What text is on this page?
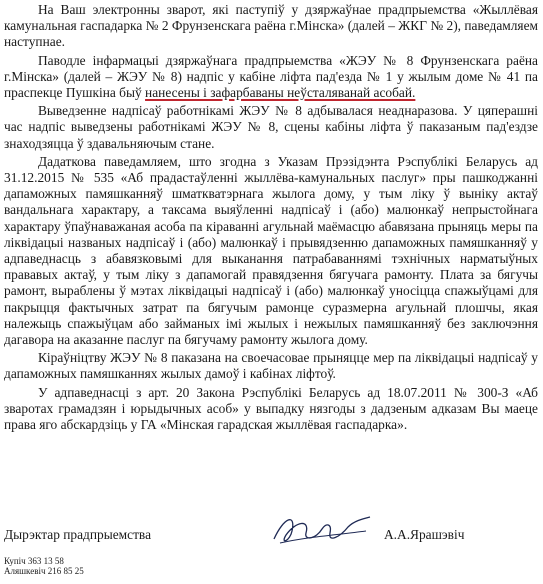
На Ваш электронны зварот, які паступіў у дзяржаўнае прадпрыемства «Жыллёвая камунальная гаспадарка № 2 Фрунзенскага раёна г.Мінска» (далей – ЖКГ № 2), паведамляем наступнае.

Паводле інфармацыі дзяржаўнага прадпрыемства «ЖЭУ № 8 Фрунзенскага раёна г.Мінска» (далей – ЖЭУ № 8) надпіс у кабіне ліфта пад'езда № 1 у жылым доме № 41 па праспекце Пушкіна быў нанесены і зафарбаваны неўсталяванай асобай.

Выведзенне надпісаў работнікамі ЖЭУ № 8 адбывалася неаднаразова. У цяперашні час надпіс выведзены работнікамі ЖЭУ № 8, сцены кабіны ліфта ў паказаным пад'ездзе знаходзяцца ў здавальняючым стане.

Дадаткова паведамляем, што згодна з Указам Прэзідэнта Рэспублікі Беларусь ад 31.12.2015 № 535 «Аб прадастаўленні жыллёва-камунальных паслуг» пры пашкоджанні дапаможных памяшканняў шматкватэрнага жылога дому, у тым ліку ў выніку актаў вандальнага характару, а таксама выяўленні надпісаў і (або) малюнкаў непрыстойнага характару ўпаўнаважаная асоба па кіраванні агульнай маёмасцю абавязана прыняць меры па ліквідацыі названых надпісаў і (або) малюнкаў і прывядзенню дапаможных памяшканняў у адпаведнасць з абавязковымі для выканання патрабаваннямі тэхнічных нарматыўных прававых актаў, у тым ліку з дапамогай правядзення бягучага рамонту. Плата за бягучы рамонт, выраблены ў мэтах ліквідацыі надпісаў і (або) малюнкаў уносіцца спажыўцамі для пакрыцця фактычных затрат па бягучым рамонце суразмерна агульнай плошчы, якая належыць спажыўцам або займаных імі жылых і нежылых памяшканняў без заключэння дагавора на аказанне паслуг па бягучаму рамонту жылога дому.

Кіраўніцтву ЖЭУ № 8 паказана на своечасовае прыняцце мер па ліквідацыі надпісаў у дапаможных памяшканнях жылых дамоў і кабінах ліфтоў.

У адпаведнасці з арт. 20 Закона Рэспублікі Беларусь ад 18.07.2011 № 300-З «Аб зваротах грамадзян і юрыдычных асоб» у выпадку нязгоды з дадзеным адказам Вы маеце права яго абскардзіць у ГА «Мінская гарадская жыллёвая гаспадарка».

Дырэктар прадпрыемства	А.А.Ярашэвіч
Купіч 363 13 58
Аляшкевіч 216 85 25
